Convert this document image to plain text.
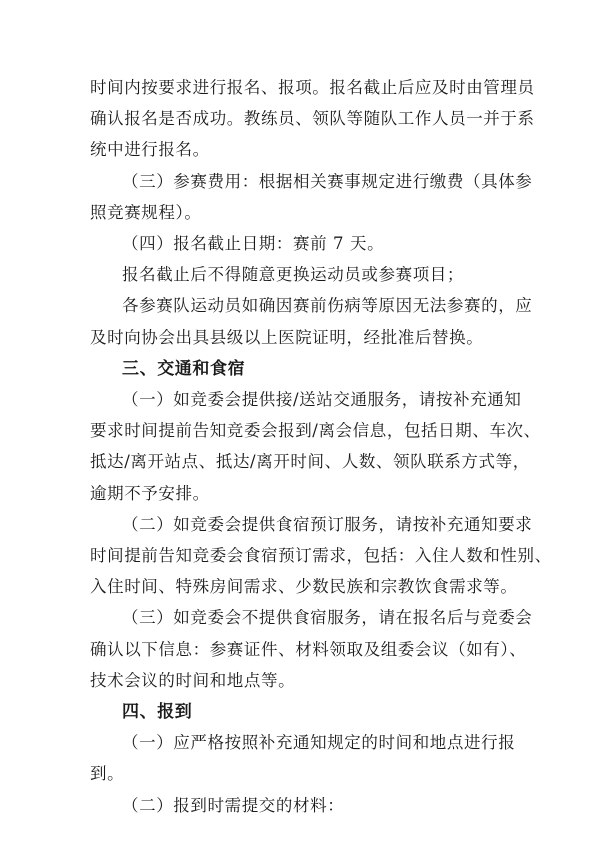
时间内按要求进行报名、报项。报名截止后应及时由管理员
确认报名是否成功。教练员、领队等随队工作人员一并于系
统中进行报名。
（三）参赛费用：根据相关赛事规定进行缴费（具体参
照竞赛规程）。
（四）报名截止日期：赛前 7 天。
报名截止后不得随意更换运动员或参赛项目；
各参赛队运动员如确因赛前伤病等原因无法参赛的，应
及时向协会出具县级以上医院证明，经批准后替换。
三、交通和食宿
（一）如竞委会提供接/送站交通服务，请按补充通知
要求时间提前告知竞委会报到/离会信息，包括日期、车次、
抵达/离开站点、抵达/离开时间、人数、领队联系方式等，
逾期不予安排。
（二）如竞委会提供食宿预订服务，请按补充通知要求
时间提前告知竞委会食宿预订需求，包括：入住人数和性别、
入住时间、特殊房间需求、少数民族和宗教饮食需求等。
（三）如竞委会不提供食宿服务，请在报名后与竞委会
确认以下信息：参赛证件、材料领取及组委会议（如有）、
技术会议的时间和地点等。
四、报到
（一）应严格按照补充通知规定的时间和地点进行报
到。
（二）报到时需提交的材料：
